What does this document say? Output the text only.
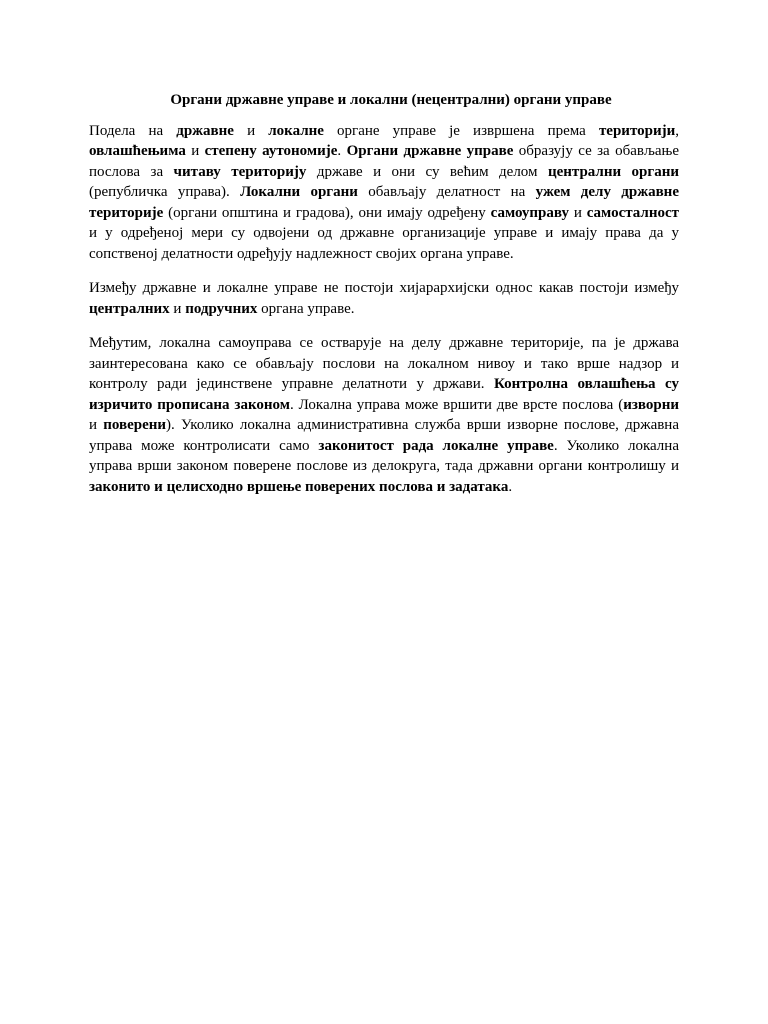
Органи државне управе и локални (нецентрални) органи управе

Подела на државне и локалне органе управе је извршена према територији, овлашћењима и степену аутономије. Органи државне управе образују се за обављање послова за читаву територију државе и они су већим делом централни органи (републичка управа). Локални органи обављају делатност на ужем делу државне територије (органи општина и градова), они имају одређену самоуправу и самосталност и у одређеној мери су одвојени од државне организације управе и имају права да у сопственој делатности одређују надлежност својих органа управе.

Између државне и локалне управе не постоји хијарархијски однос какав постоји између централних и подручних органа управе.

Међутим, локална самоуправа се остварује на делу државне територије, па је држава заинтересована како се обављају послови на локалном нивоу и тако врше надзор и контролу ради јединствене управне делатноти у држави. Контролна овлашћења су изричито прописана законом. Локална управа може вршити две врсте послова (изворни и поверени). Уколико локална административна служба врши изворне послове, државна управа може контролисати само законитост рада локалне управе. Уколико локална управа врши законом поверене послове из делокруга, тада државни органи контролишу и законито и целисходно вршење поверених послова и задатака.
